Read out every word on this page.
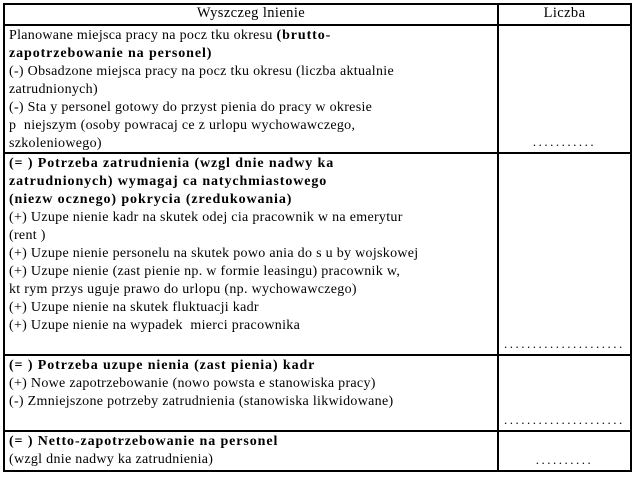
Wyszczeg lnienie	Liczba
Planowane miejsca pracy na pocz tku okresu (brutto-
zapotrzebowanie na personel)
(-) Obsadzone miejsca pracy na pocz tku okresu (liczba aktualnie
zatrudnionych)
(-) Sta y personel gotowy do przyst pienia do pracy w okresie
p  niejszym (osoby powracaj ce z urlopu wychowawczego,
szkoleniowego)	...........
(= ) Potrzeba zatrudnienia (wzgl dnie nadwy ka
zatrudnionych) wymagaj ca natychmiastowego
(niezw ocznego) pokrycia (zredukowania)
(+) Uzupe nienie kadr na skutek odej cia pracownik w na emerytur
(rent )
(+) Uzupe nienie personelu na skutek powo ania do s u by wojskowej
(+) Uzupe nienie (zast pienie np. w formie leasingu) pracownik w,
kt rym przys uguje prawo do urlopu (np. wychowawczego)
(+) Uzupe nienie na skutek fluktuacji kadr
(+) Uzupe nienie na wypadek  mierci pracownika
.....................
(= ) Potrzeba uzupe nienia (zast pienia) kadr
(+) Nowe zapotrzebowanie (nowo powsta e stanowiska pracy)
(-) Zmniejszone potrzeby zatrudnienia (stanowiska likwidowane)
.....................
(= ) Netto-zapotrzebowanie na personel
(wzgl dnie nadwy ka zatrudnienia)	..........
